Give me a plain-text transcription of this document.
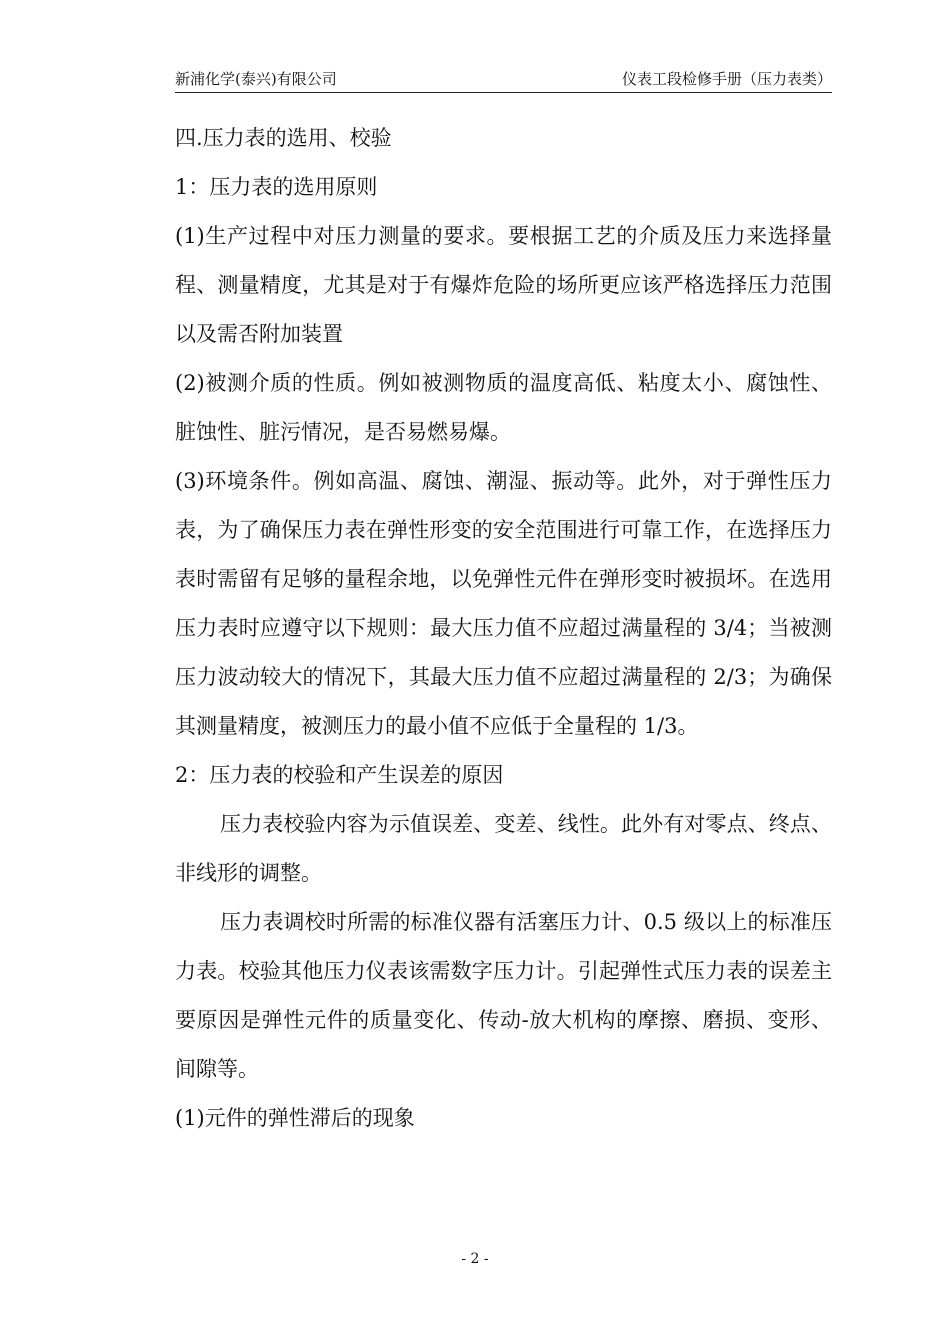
新浦化学(泰兴)有限公司	仪表工段检修手册（压力表类）

四.压力表的选用、校验

1：压力表的选用原则

(1)生产过程中对压力测量的要求。要根据工艺的介质及压力来选择量程、测量精度，尤其是对于有爆炸危险的场所更应该严格选择压力范围以及需否附加装置

(2)被测介质的性质。例如被测物质的温度高低、粘度太小、腐蚀性、脏蚀性、脏污情况，是否易燃易爆。

(3)环境条件。例如高温、腐蚀、潮湿、振动等。此外，对于弹性压力表，为了确保压力表在弹性形变的安全范围进行可靠工作，在选择压力表时需留有足够的量程余地，以免弹性元件在弹形变时被损坏。在选用压力表时应遵守以下规则：最大压力值不应超过满量程的 3/4；当被测压力波动较大的情况下，其最大压力值不应超过满量程的 2/3；为确保其测量精度，被测压力的最小值不应低于全量程的 1/3。

2：压力表的校验和产生误差的原因

压力表校验内容为示值误差、变差、线性。此外有对零点、终点、非线形的调整。

压力表调校时所需的标准仪器有活塞压力计、0.5 级以上的标准压力表。校验其他压力仪表该需数字压力计。引起弹性式压力表的误差主要原因是弹性元件的质量变化、传动-放大机构的摩擦、磨损、变形、间隙等。

(1)元件的弹性滞后的现象

- 2 -
